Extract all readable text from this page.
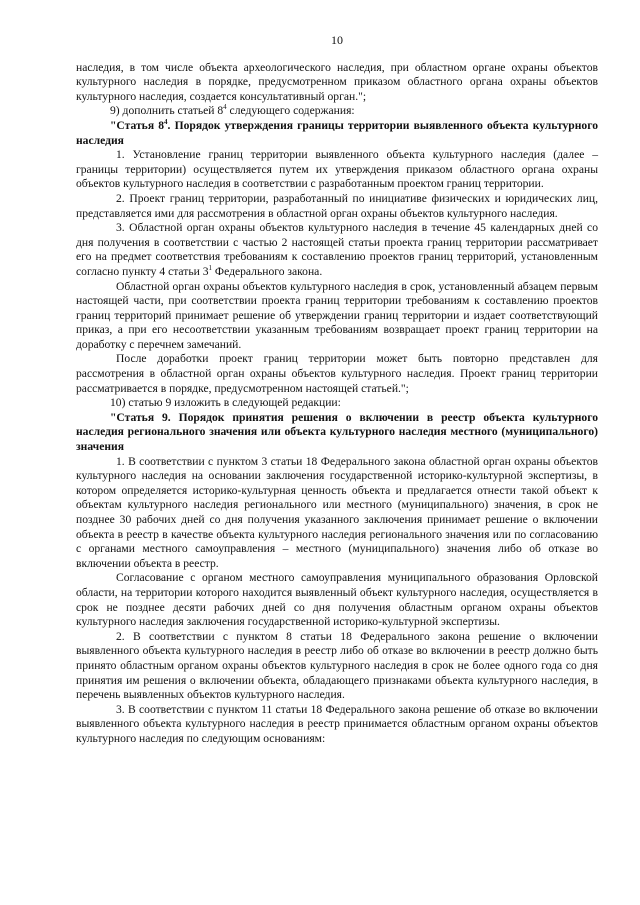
10

наследия, в том числе объекта археологического наследия, при областном органе охраны объектов культурного наследия в порядке, предусмотренном приказом областного органа охраны объектов культурного наследия, создается консультативный орган.";

9) дополнить статьей $8^4$ следующего содержания:

"Статья $8^4$. Порядок утверждения границы территории выявленного объекта культурного наследия

1. Установление границ территории выявленного объекта культурного наследия (далее – границы территории) осуществляется путем их утверждения приказом областного органа охраны объектов культурного наследия в соответствии с разработанным проектом границ территории.

2. Проект границ территории, разработанный по инициативе физических и юридических лиц, представляется ими для рассмотрения в областной орган охраны объектов культурного наследия.

3. Областной орган охраны объектов культурного наследия в течение 45 календарных дней со дня получения в соответствии с частью 2 настоящей статьи проекта границ территории рассматривает его на предмет соответствия требованиям к составлению проектов границ территорий, установленным согласно пункту 4 статьи $3^1$ Федерального закона.

Областной орган охраны объектов культурного наследия в срок, установленный абзацем первым настоящей части, при соответствии проекта границ территории требованиям к составлению проектов границ территорий принимает решение об утверждении границ территории и издает соответствующий приказ, а при его несоответствии указанным требованиям возвращает проект границ территории на доработку с перечнем замечаний.

После доработки проект границ территории может быть повторно представлен для рассмотрения в областной орган охраны объектов культурного наследия. Проект границ территории рассматривается в порядке, предусмотренном настоящей статьей.";

10) статью 9 изложить в следующей редакции:

"Статья 9. Порядок принятия решения о включении в реестр объекта культурного наследия регионального значения или объекта культурного наследия местного (муниципального) значения

1. В соответствии с пунктом 3 статьи 18 Федерального закона областной орган охраны объектов культурного наследия на основании заключения государственной историко-культурной экспертизы, в котором определяется историко-культурная ценность объекта и предлагается отнести такой объект к объектам культурного наследия регионального или местного (муниципального) значения, в срок не позднее 30 рабочих дней со дня получения указанного заключения принимает решение о включении объекта в реестр в качестве объекта культурного наследия регионального значения или по согласованию с органами местного самоуправления – местного (муниципального) значения либо об отказе во включении объекта в реестр.

Согласование с органом местного самоуправления муниципального образования Орловской области, на территории которого находится выявленный объект культурного наследия, осуществляется в срок не позднее десяти рабочих дней со дня получения областным органом охраны объектов культурного наследия заключения государственной историко-культурной экспертизы.

2. В соответствии с пунктом 8 статьи 18 Федерального закона решение о включении выявленного объекта культурного наследия в реестр либо об отказе во включении в реестр должно быть принято областным органом охраны объектов культурного наследия в срок не более одного года со дня принятия им решения о включении объекта, обладающего признаками объекта культурного наследия, в перечень выявленных объектов культурного наследия.

3. В соответствии с пунктом 11 статьи 18 Федерального закона решение об отказе во включении выявленного объекта культурного наследия в реестр принимается областным органом охраны объектов культурного наследия по следующим основаниям:
